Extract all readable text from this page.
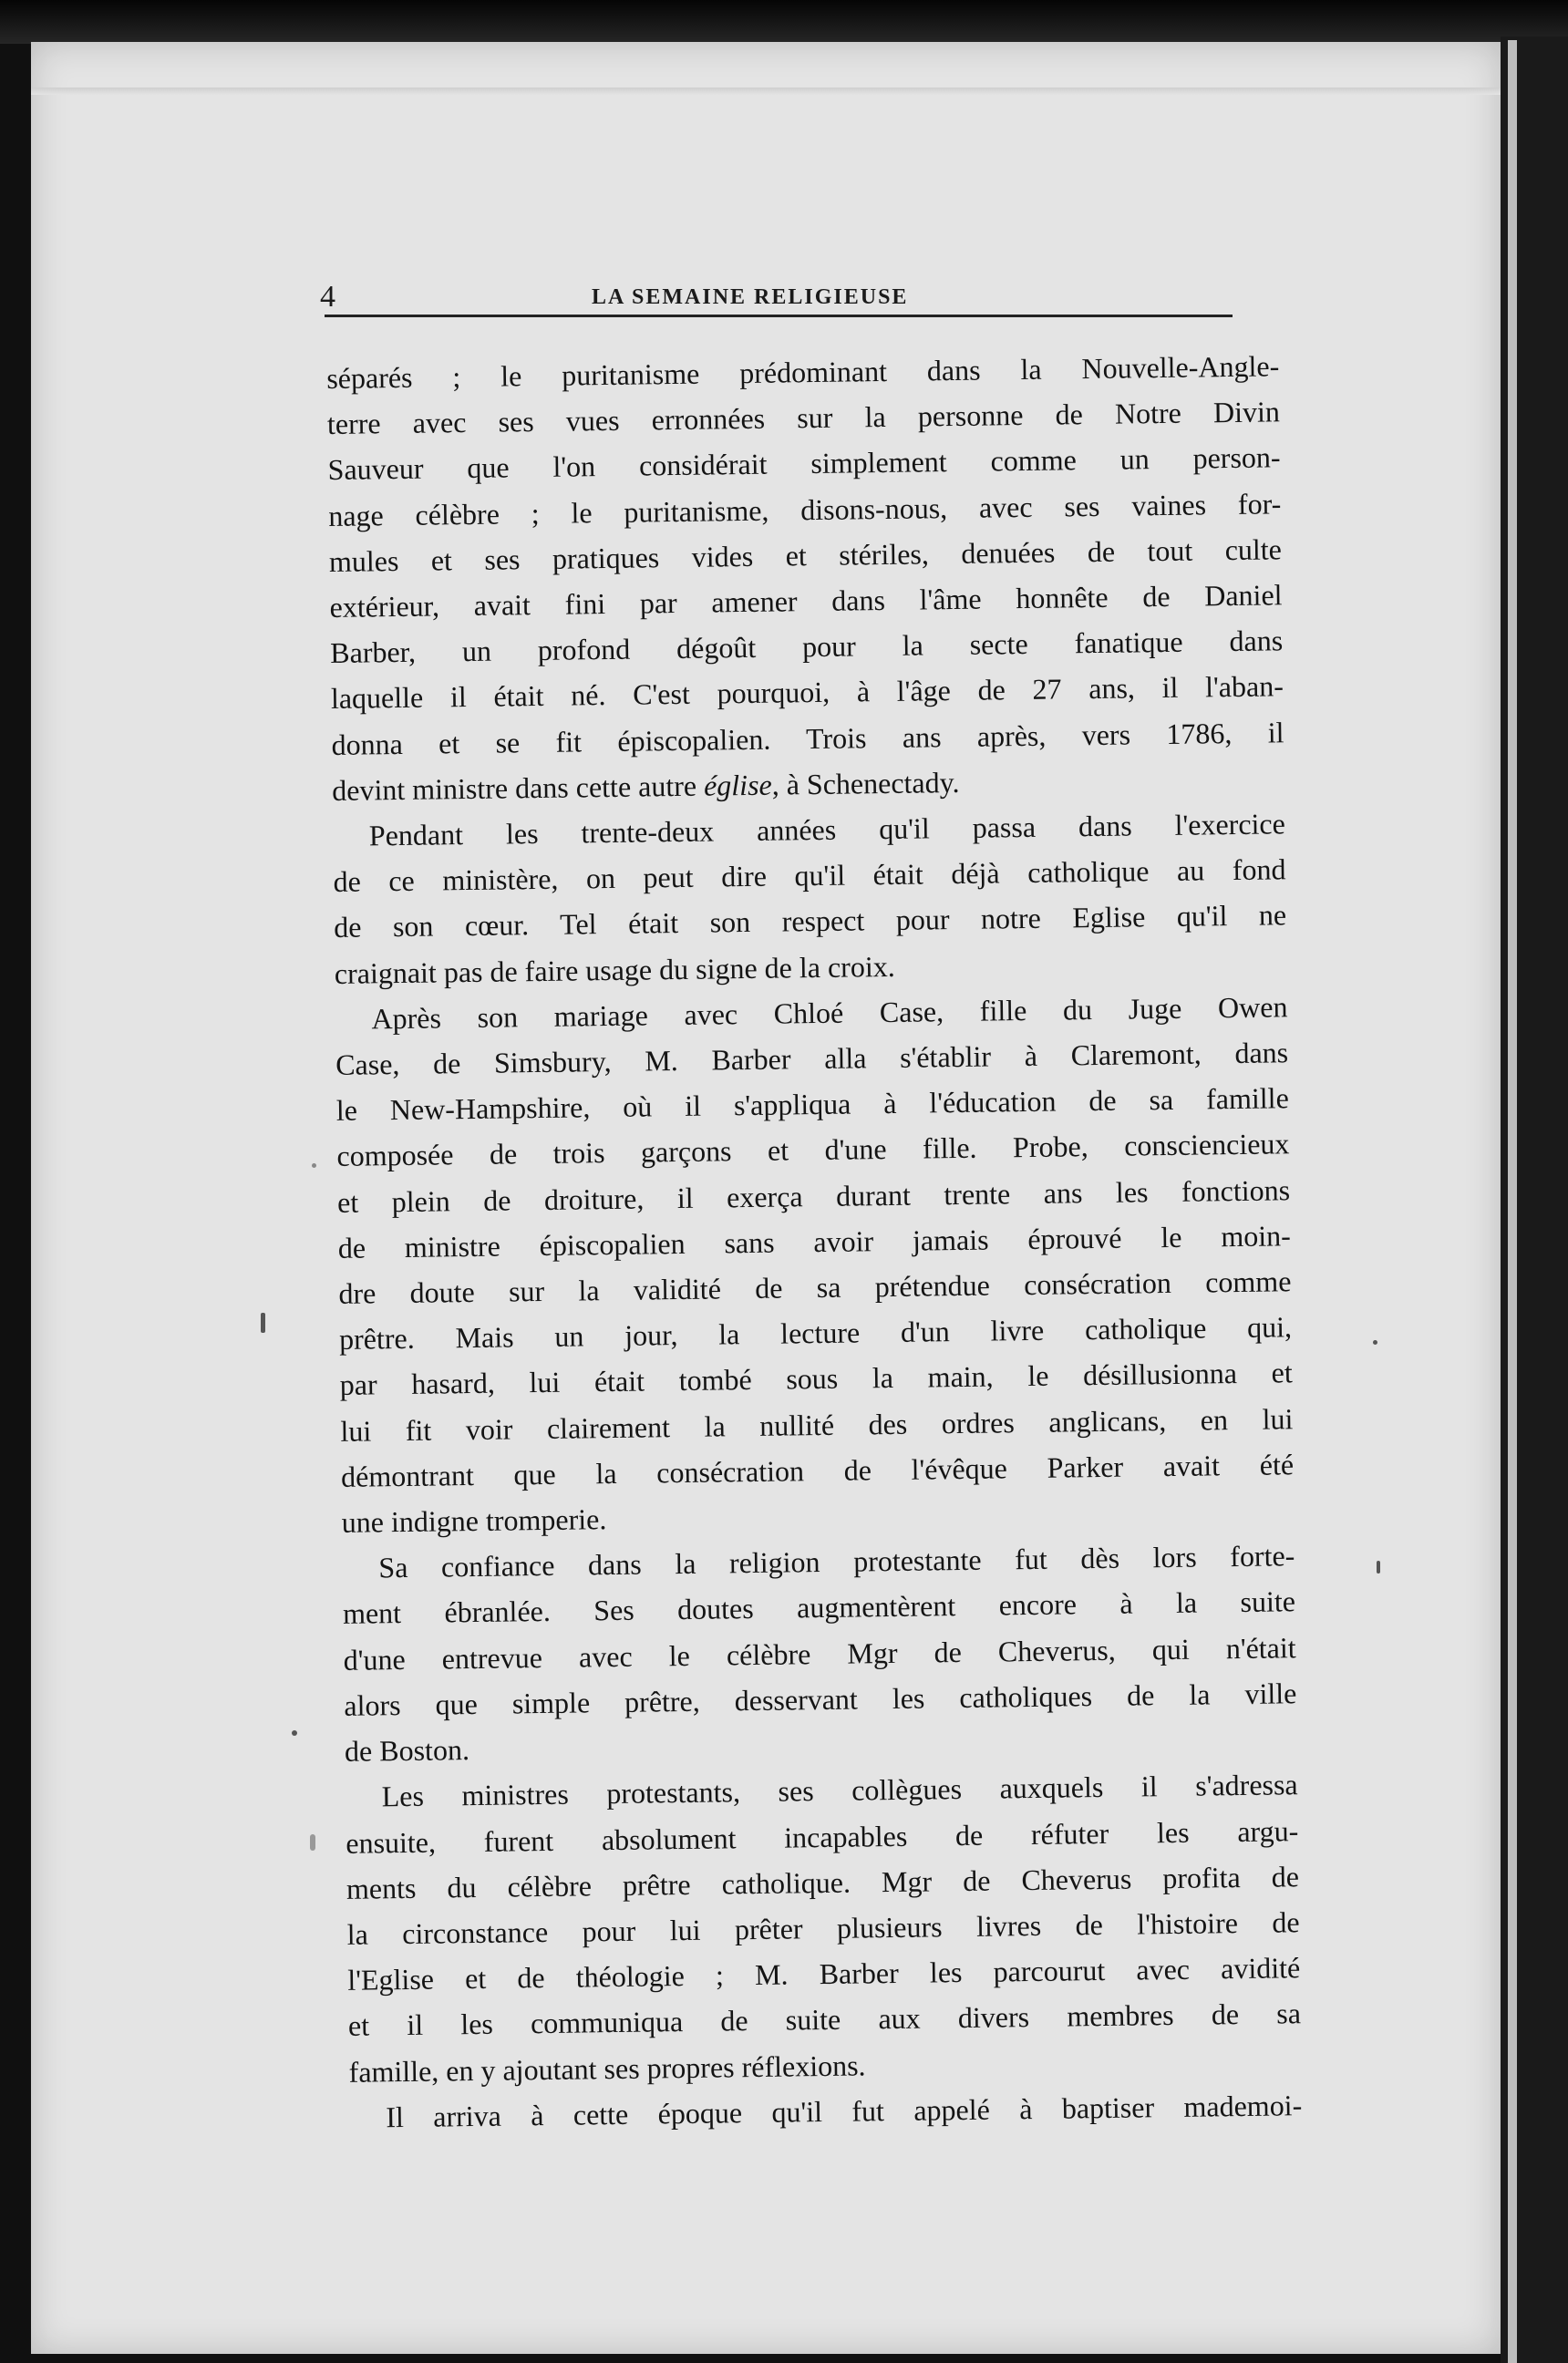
4	LA SEMAINE RELIGIEUSE

séparés ; le puritanisme prédominant dans la Nouvelle-Angle-

terre avec ses vues erronnées sur la personne de Notre Divin

Sauveur que l'on considérait simplement comme un person-

nage célèbre ; le puritanisme, disons-nous, avec ses vaines for-

mules et ses pratiques vides et stériles, denuées de tout culte

extérieur, avait fini par amener dans l'âme honnête de Daniel

Barber, un profond dégoût pour la secte fanatique dans

laquelle il était né. C'est pourquoi, à l'âge de 27 ans, il l'aban-

donna et se fit épiscopalien. Trois ans après, vers 1786, il

devint ministre dans cette autre église, à Schenectady.

Pendant les trente-deux années qu'il passa dans l'exercice

de ce ministère, on peut dire qu'il était déjà catholique au fond

de son cœur. Tel était son respect pour notre Eglise qu'il ne

craignait pas de faire usage du signe de la croix.

Après son mariage avec Chloé Case, fille du Juge Owen

Case, de Simsbury, M. Barber alla s'établir à Claremont, dans

le New-Hampshire, où il s'appliqua à l'éducation de sa famille

composée de trois garçons et d'une fille. Probe, consciencieux

et plein de droiture, il exerça durant trente ans les fonctions

de ministre épiscopalien sans avoir jamais éprouvé le moin-

dre doute sur la validité de sa prétendue consécration comme

prêtre. Mais un jour, la lecture d'un livre catholique qui,

par hasard, lui était tombé sous la main, le désillusionna et

lui fit voir clairement la nullité des ordres anglicans, en lui

démontrant que la consécration de l'évêque Parker avait été

une indigne tromperie.

Sa confiance dans la religion protestante fut dès lors forte-

ment ébranlée. Ses doutes augmentèrent encore à la suite

d'une entrevue avec le célèbre Mgr de Cheverus, qui n'était

alors que simple prêtre, desservant les catholiques de la ville

de Boston.

Les ministres protestants, ses collègues auxquels il s'adressa

ensuite, furent absolument incapables de réfuter les argu-

ments du célèbre prêtre catholique. Mgr de Cheverus profita de

la circonstance pour lui prêter plusieurs livres de l'histoire de

l'Eglise et de théologie ; M. Barber les parcourut avec avidité

et il les communiqua de suite aux divers membres de sa

famille, en y ajoutant ses propres réflexions.

Il arriva à cette époque qu'il fut appelé à baptiser mademoi-
